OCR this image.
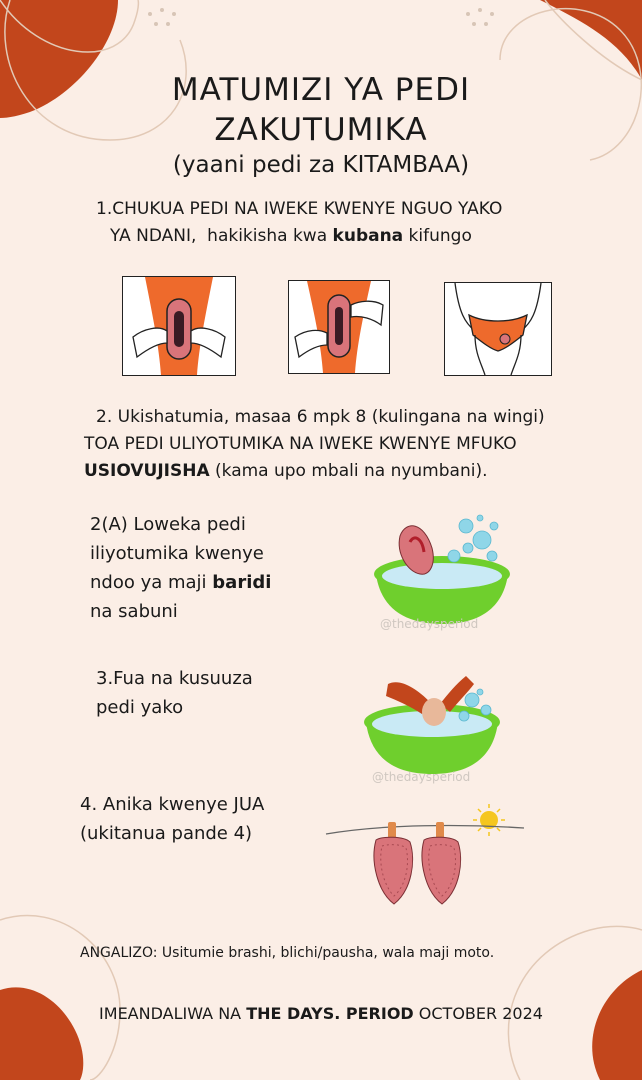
MATUMIZI YA PEDI
ZAKUTUMIKA
(yaani pedi za KITAMBAA)
1.CHUKUA PEDI NA IWEKE KWENYE NGUO YAKO
YA NDANI,  hakikisha kwa kubana kifungo
2. Ukishatumia, masaa 6 mpk 8 (kulingana na wingi)
TOA PEDI ULIYOTUMIKA NA IWEKE KWENYE MFUKO
USIOVUJISHA (kama upo mbali na nyumbani).
2(A) Loweka pedi
iliyotumika kwenye
ndoo ya maji baridi
na sabuni
@thedaysperiod
3.Fua na kusuuza
pedi yako
@thedaysperiod
4. Anika kwenye JUA
(ukitanua pande 4)
ANGALIZO: Usitumie brashi, blichi/pausha, wala maji moto.
IMEANDALIWA NA THE DAYS. PERIOD OCTOBER 2024
